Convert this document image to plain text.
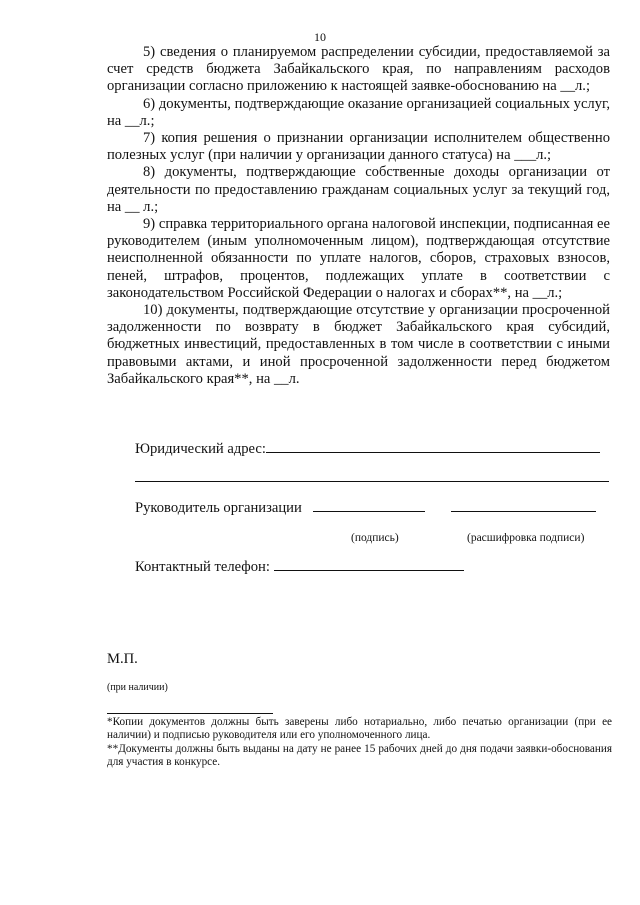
10

5) сведения о планируемом распределении субсидии, предоставляемой за счет средств бюджета Забайкальского края, по направлениям расходов организации согласно приложению к настоящей заявке-обоснованию на __л.;

6) документы, подтверждающие оказание организацией социальных услуг, на __л.;

7) копия решения о признании организации исполнителем общественно полезных услуг (при наличии у организации данного статуса) на ___л.;

8) документы, подтверждающие собственные доходы организации от деятельности по предоставлению гражданам социальных услуг за текущий год, на __ л.;

9) справка территориального органа налоговой инспекции, подписанная ее руководителем (иным уполномоченным лицом), подтверждающая отсутствие неисполненной обязанности по уплате налогов, сборов, страховых взносов, пеней, штрафов, процентов, подлежащих уплате в соответствии с законодательством Российской Федерации о налогах и сборах**, на __л.;

10) документы, подтверждающие отсутствие у организации просроченной задолженности по возврату в бюджет Забайкальского края субсидий, бюджетных инвестиций, предоставленных в том числе в соответствии с иными правовыми актами, и иной просроченной задолженности перед бюджетом Забайкальского края**, на __л.

Юридический адрес:
Руководитель организации
(подпись)	(расшифровка подписи)
Контактный телефон:
М.П.
(при наличии)

*Копии документов должны быть заверены либо нотариально, либо печатью организации (при ее наличии) и подписью руководителя или его уполномоченного лица.

**Документы должны быть выданы на дату не ранее 15 рабочих дней до дня подачи заявки-обоснования для участия в конкурсе.
